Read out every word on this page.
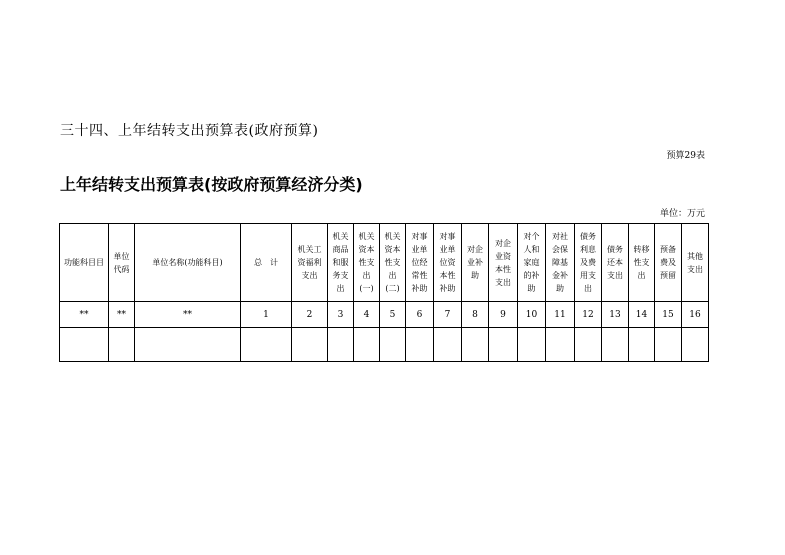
三十四、上年结转支出预算表(政府预算)
预算29表
上年结转支出预算表(按政府预算经济分类)
单位：万元
功能科目目	单位代码	单位名称(功能科目)	总　计	机关工资福利支出	机关商品和服务支出	机关资本性支出(一)	机关资本性支出(二)	对事业单位经常性补助	对事业单位资本性补助	对企业补助	对企业资本性支出	对个人和家庭的补助	对社会保障基金补助	债务利息及费用支出	债务还本支出	转移性支出	预备费及预留	其他支出
**	**	**	1	2	3	4	5	6	7	8	9	10	11	12	13	14	15	16
